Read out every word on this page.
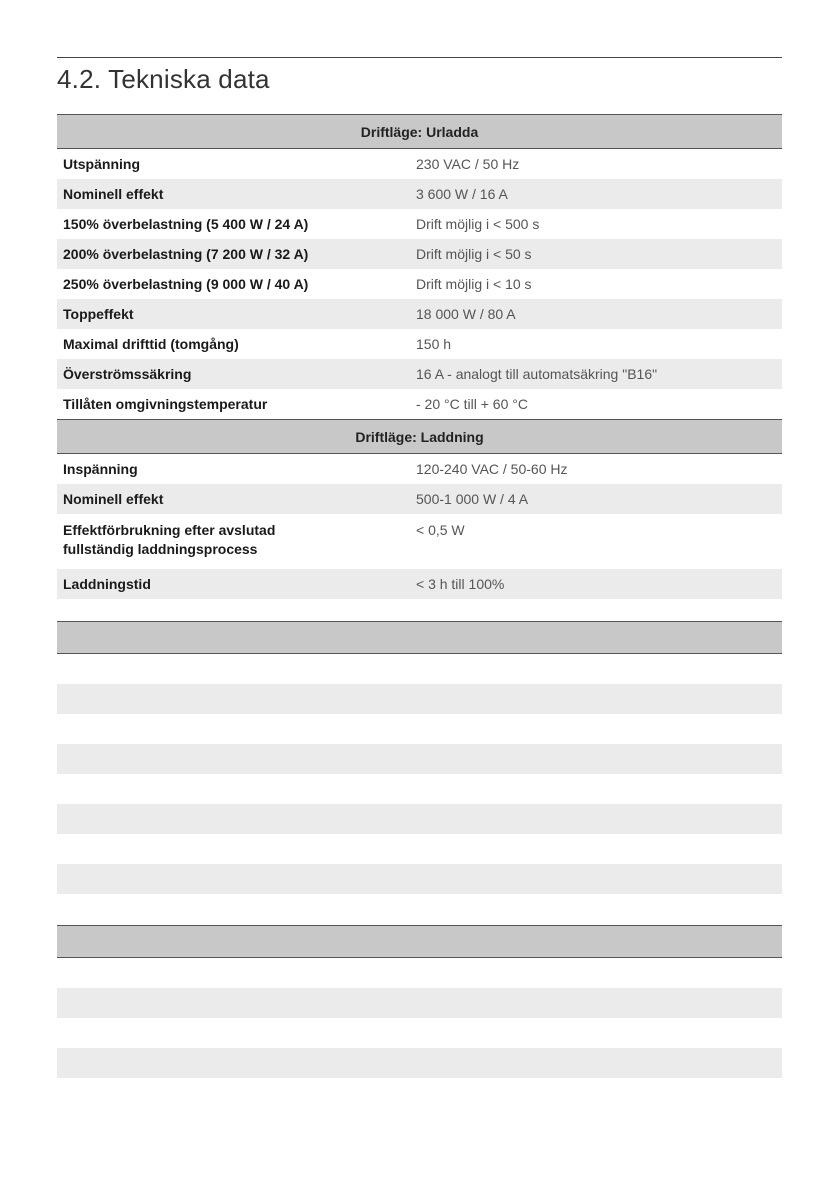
4.2. Tekniska data
Driftläge: Urladda	
Utspänning	230 VAC / 50 Hz
Nominell effekt	3 600 W / 16 A
150% överbelastning (5 400 W / 24 A)	Drift möjlig i < 500 s
200% överbelastning (7 200 W / 32 A)	Drift möjlig i < 50 s
250% överbelastning (9 000 W / 40 A)	Drift möjlig i < 10 s
Toppeffekt	18 000 W / 80 A
Maximal drifttid (tomgång)	150 h
Överströmssäkring	16 A - analogt till automatsäkring "B16"
Tillåten omgivningstemperatur	- 20 °C till + 60 °C
Driftläge: Laddning	
Inspänning	120-240 VAC / 50-60 Hz
Nominell effekt	500-1 000 W / 4 A

Effektförbrukning efter avslutad
fullständig laddningsprocess	< 0,5 W
Laddningstid	< 3 h till 100%
